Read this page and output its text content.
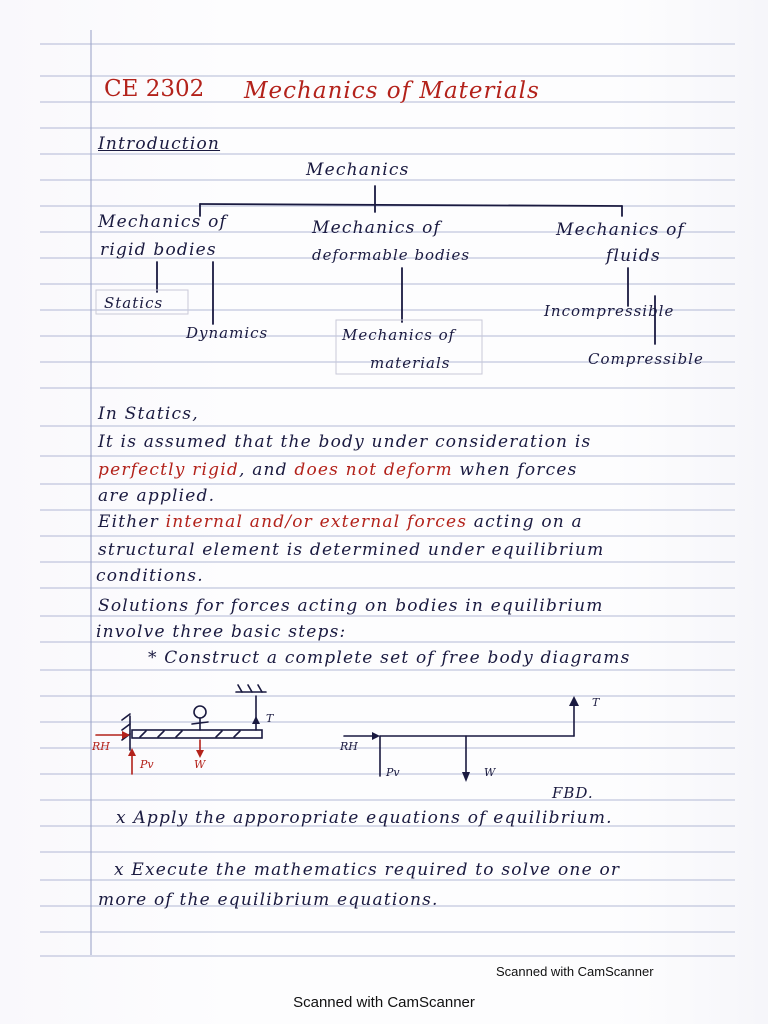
CE 2302 Mechanics of Materials
Introduction
Mechanics
Mechanics of
rigid bodies
Mechanics of
deformable bodies
Mechanics of
fluids
Statics
Dynamics	Mechanics of
materials
Incompressible
Compressible
In Statics,
It is assumed that the body under consideration is
perfectly rigid, and does not deform when forces
are applied.
Either internal and/or external forces acting on a
structural element is determined under equilibrium
conditions.
Solutions for forces acting on bodies in equilibrium
involve three basic steps:
* Construct a complete set of free body diagrams
RH
Pv	W
T
RH
Pv	W
T
FBD.
x Apply the apporopriate equations of equilibrium.
x Execute the mathematics required to solve one or
more of the equilibrium equations.
Scanned with CamScanner
Scanned with CamScanner
